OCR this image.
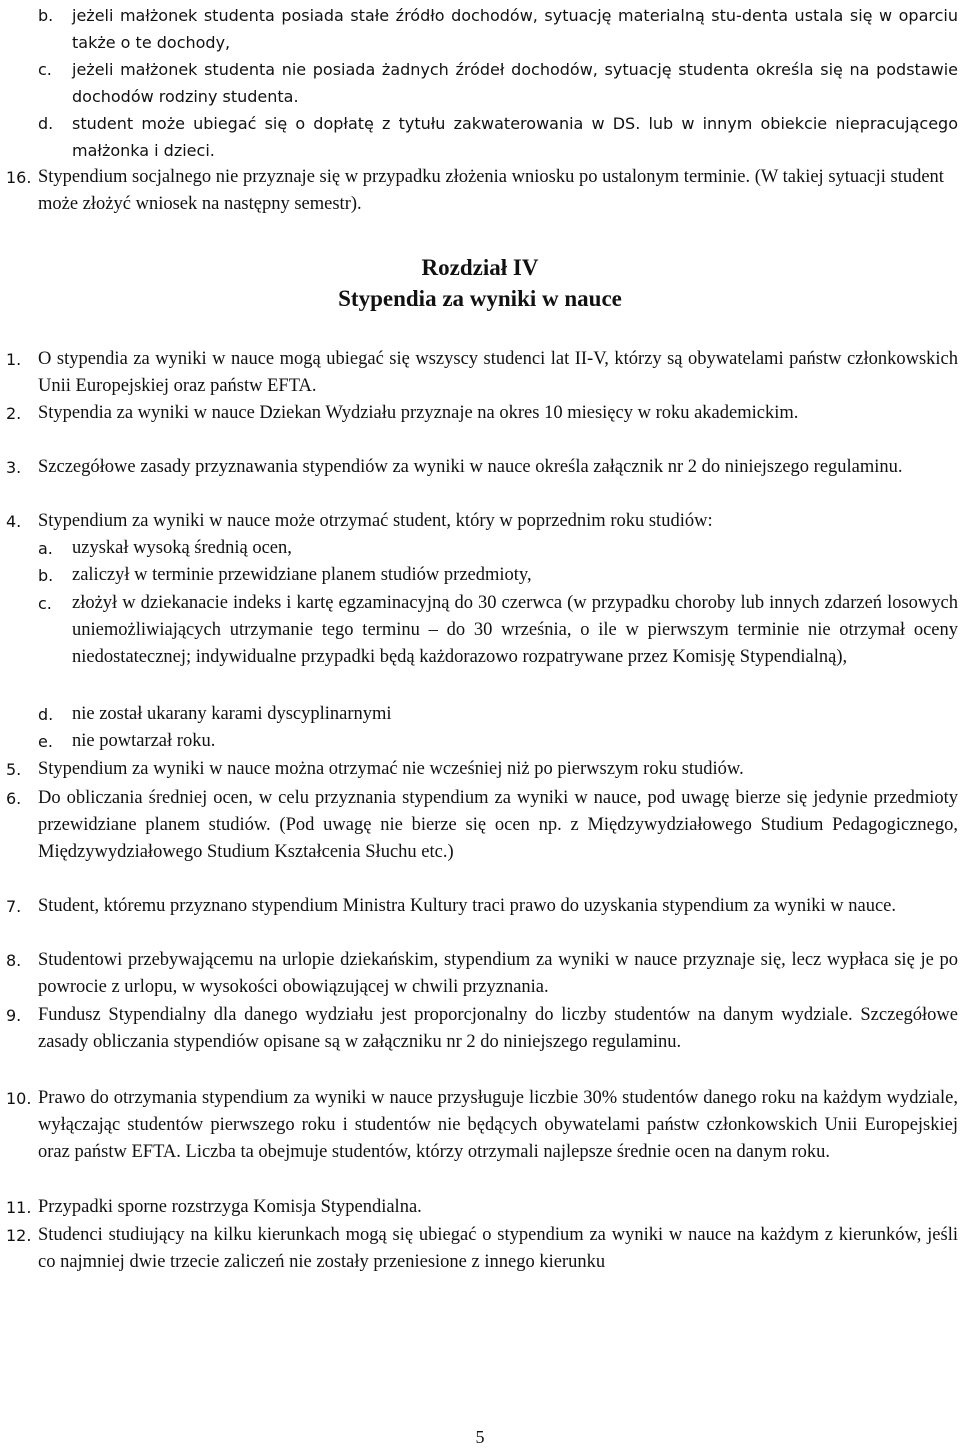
b. jeżeli małżonek studenta posiada stałe źródło dochodów, sytuację materialną stu-denta ustala się w oparciu także o te dochody,
c. jeżeli małżonek studenta nie posiada żadnych źródeł dochodów, sytuację studenta określa się na podstawie dochodów rodziny studenta.
d. student może ubiegać się o dopłatę z tytułu zakwaterowania w DS. lub w innym obiekcie niepracującego małżonka i dzieci.
16. Stypendium socjalnego nie przyznaje się w przypadku złożenia wniosku po ustalonym terminie. (W takiej sytuacji student może złożyć wniosek na następny semestr).
Rozdział IV
Stypendia za wyniki w nauce
1. O stypendia za wyniki w nauce mogą ubiegać się wszyscy studenci lat II-V, którzy są obywatelami państw członkowskich Unii Europejskiej oraz państw EFTA.
2. Stypendia za wyniki w nauce Dziekan Wydziału przyznaje na okres 10 miesięcy w roku akademickim.
3. Szczegółowe zasady przyznawania stypendiów za wyniki w nauce określa załącznik nr 2 do niniejszego regulaminu.
4. Stypendium za wyniki w nauce może otrzymać student, który w poprzednim roku studiów:
a. uzyskał wysoką średnią ocen,
b. zaliczył w terminie przewidziane planem studiów przedmioty,
c. złożył w dziekanacie indeks i kartę egzaminacyjną do 30 czerwca (w przypadku choroby lub innych zdarzeń losowych uniemożliwiających utrzymanie tego terminu – do 30 września, o ile w pierwszym terminie nie otrzymał oceny niedostatecznej; indywidualne przypadki będą każdorazowo rozpatrywane przez Komisję Stypendialną),
d. nie został ukarany karami dyscyplinarnymi
e. nie powtarzał roku.
5. Stypendium za wyniki w nauce można otrzymać nie wcześniej niż po pierwszym roku studiów.
6. Do obliczania średniej ocen, w celu przyznania stypendium za wyniki w nauce, pod uwagę bierze się jedynie przedmioty przewidziane planem studiów. (Pod uwagę nie bierze się ocen np. z Międzywydziałowego Studium Pedagogicznego, Międzywydziałowego Studium Kształcenia Słuchu etc.)
7. Student, któremu przyznano stypendium Ministra Kultury traci prawo do uzyskania stypendium za wyniki w nauce.
8. Studentowi przebywającemu na urlopie dziekańskim, stypendium za wyniki w nauce przyznaje się, lecz wypłaca się je po powrocie z urlopu, w wysokości obowiązującej w chwili przyznania.
9. Fundusz Stypendialny dla danego wydziału jest proporcjonalny do liczby studentów na danym wydziale. Szczegółowe zasady obliczania stypendiów opisane są w załączniku nr 2 do niniejszego regulaminu.
10. Prawo do otrzymania stypendium za wyniki w nauce przysługuje liczbie 30% studentów danego roku na każdym wydziale, wyłączając studentów pierwszego roku i studentów nie będących obywatelami państw członkowskich Unii Europejskiej oraz państw EFTA. Liczba ta obejmuje studentów, którzy otrzymali najlepsze średnie ocen na danym roku.
11. Przypadki sporne rozstrzyga Komisja Stypendialna.
12. Studenci studiujący na kilku kierunkach mogą się ubiegać o stypendium za wyniki w nauce na każdym z kierunków, jeśli co najmniej dwie trzecie zaliczeń nie zostały przeniesione z innego kierunku
5
